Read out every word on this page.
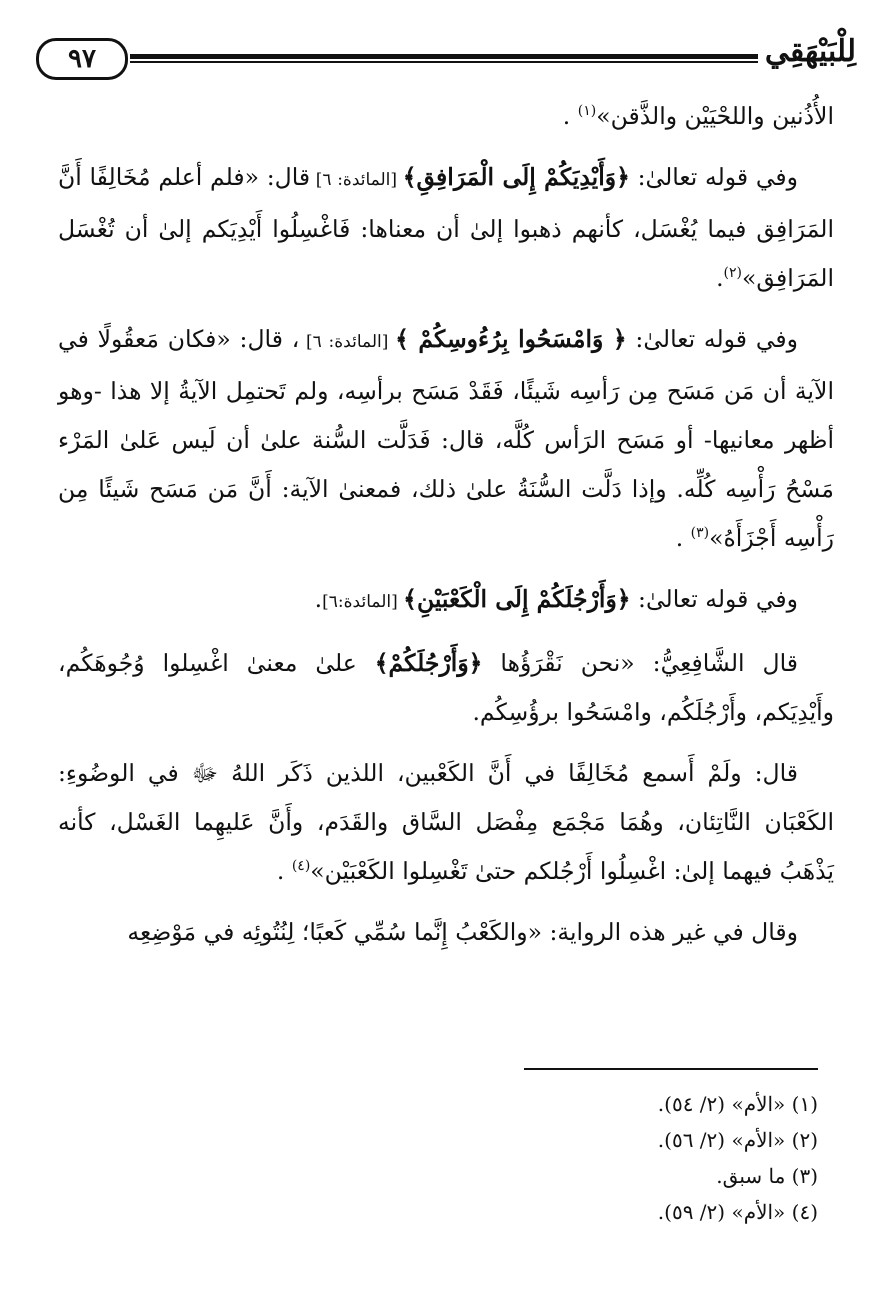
٩٧	لِلْبَيْهَقِي

الأُذُنين واللحْيَيْن والذَّقن»$^{(١)}$ .

وفي قوله تعالىٰ: ﴿وَأَيْدِيَكُمْ إِلَى الْمَرَافِقِ﴾ [المائدة: ٦] قال: «فلم أعلم مُخَالِفًا أَنَّ المَرَافِق فيما يُغْسَل، كأنهم ذهبوا إلىٰ أن معناها: فَاغْسِلُوا أَيْدِيَكم إلىٰ أن تُغْسَل المَرَافِق»$^{(٢)}$.

وفي قوله تعالىٰ: ﴿ وَامْسَحُوا بِرُءُوسِكُمْ ﴾ [المائدة: ٦] ، قال: «فكان مَعقُولًا في الآية أن مَن مَسَح مِن رَأسِه شَيئًا، فَقَدْ مَسَح برأسِه، ولم تَحتمِل الآيةُ إلا هذا -وهو أظهر معانيها- أو مَسَح الرَأس كُلَّه، قال: فَدَلَّت السُّنة علىٰ أن لَيس عَلىٰ المَرْء مَسْحُ رَأْسِه كُلِّه. وإذا دَلَّت السُّنَةُ علىٰ ذلك، فمعنىٰ الآية: أَنَّ مَن مَسَح شَيئًا مِن رَأْسِه أَجْزَأَهُ»$^{(٣)}$ .

وفي قوله تعالىٰ: ﴿وَأَرْجُلَكُمْ إِلَى الْكَعْبَيْنِ﴾ [المائدة:٦].

قال الشَّافِعِيُّ: «نحن نَقْرَؤُها ﴿وَأَرْجُلَكُمْ﴾ علىٰ معنىٰ اغْسِلوا وُجُوهَكُم، وأَيْدِيَكم، وأَرْجُلَكُم، وامْسَحُوا برؤُسِكُم.

قال: ولَمْ أَسمع مُخَالِفًا في أَنَّ الكَعْبين، اللذين ذَكَر اللهُ ﷻ في الوضُوءِ: الكَعْبَان النَّاتِئان، وهُمَا مَجْمَع مِفْصَل السَّاق والقَدَم، وأَنَّ عَليهِما الغَسْل، كأنه يَذْهَبُ فيهما إلىٰ: اغْسِلُوا أَرْجُلكم حتىٰ تَغْسِلوا الكَعْبَيْن»$^{(٤)}$ .

وقال في غير هذه الرواية: «والكَعْبُ إِنَّما سُمِّي كَعبًا؛ لِنُتُوئِه في مَوْضِعِه

(١) «الأم» (٢/ ٥٤).
(٢) «الأم» (٢/ ٥٦).
(٣) ما سبق.
(٤) «الأم» (٢/ ٥٩).
